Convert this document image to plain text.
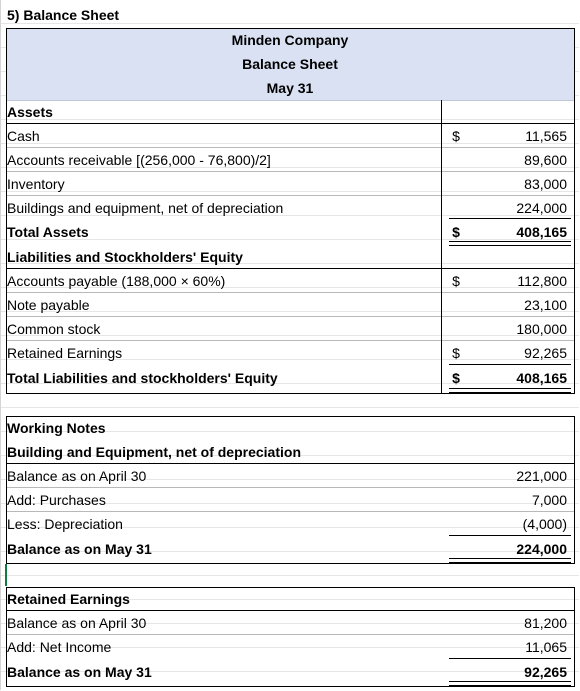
5) Balance Sheet
Minden Company
Balance Sheet
May 31
Assets
Cash	$	11,565
Accounts receivable [(256,000 - 76,800)/2]	89,600
Inventory	83,000
Buildings and equipment, net of depreciation	224,000
Total Assets	$	408,165
Liabilities and Stockholders' Equity
Accounts payable (188,000 × 60%)	$	112,800
Note payable	23,100
Common stock	180,000
Retained Earnings	$	92,265
Total Liabilities and stockholders' Equity	$	408,165
Working Notes
Building and Equipment, net of depreciation
Balance as on April 30	221,000
Add: Purchases	7,000
Less: Depreciation	(4,000)
Balance as on May 31	224,000
Retained Earnings
Balance as on April 30	81,200
Add: Net Income	11,065
Balance as on May 31	92,265
